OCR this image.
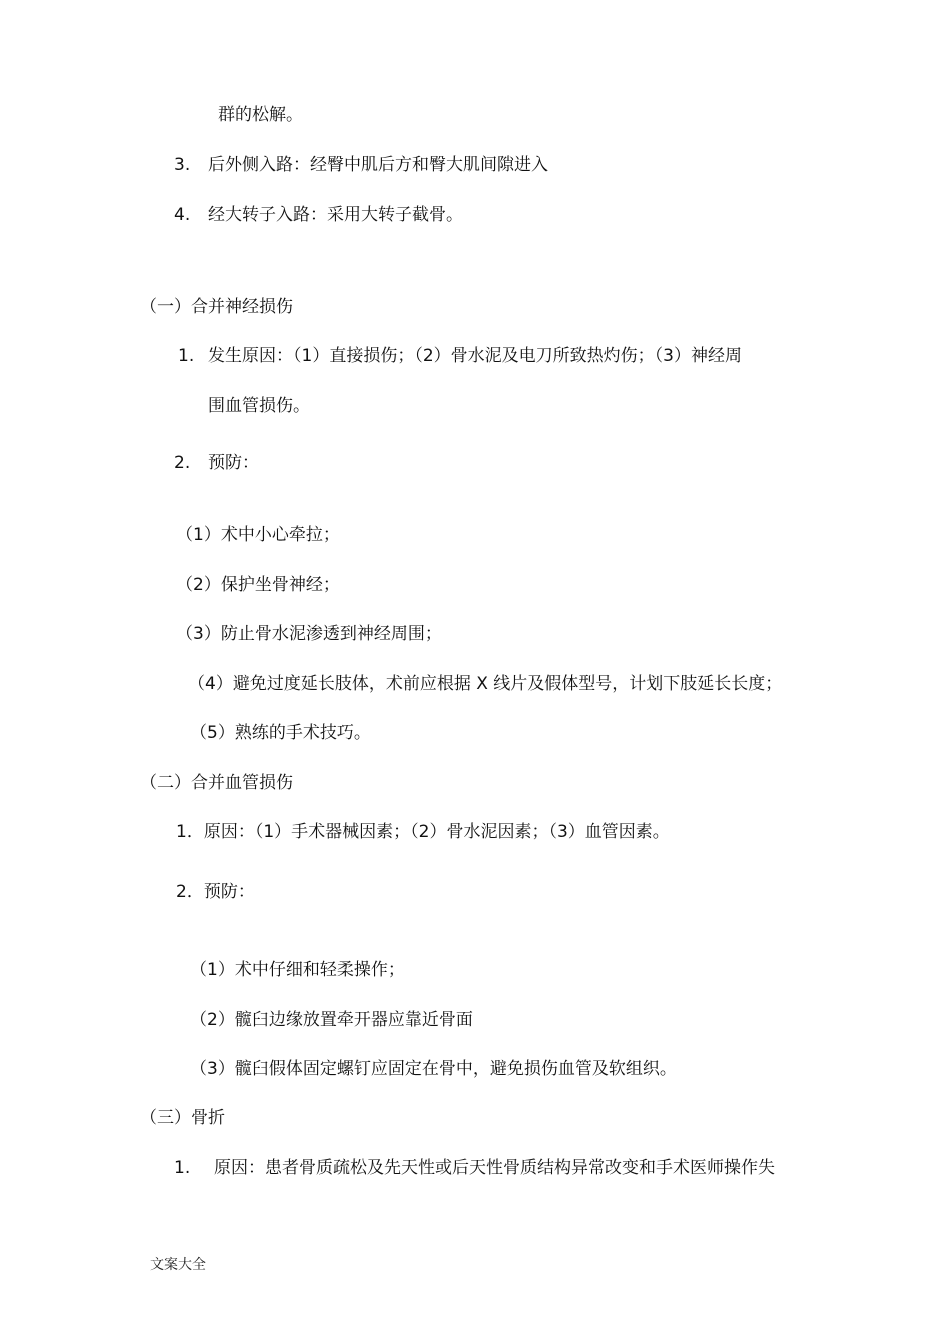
群的松解。
3. 后外侧入路：经臀中肌后方和臀大肌间隙进入
4. 经大转子入路：采用大转子截骨。
（一）合并神经损伤
1. 发生原因：（1）直接损伤；（2）骨水泥及电刀所致热灼伤；（3）神经周
围血管损伤。
2. 预防：
（1）术中小心牵拉；
（2）保护坐骨神经；
（3）防止骨水泥渗透到神经周围；
（4）避免过度延长肢体，术前应根据 X 线片及假体型号，计划下肢延长长度；
（5）熟练的手术技巧。
（二）合并血管损伤
1．原因：（1）手术器械因素；（2）骨水泥因素；（3）血管因素。
2．预防：
（1）术中仔细和轻柔操作；
（2）髋臼边缘放置牵开器应靠近骨面
（3）髋臼假体固定螺钉应固定在骨中，避免损伤血管及软组织。
（三）骨折
1. 原因：患者骨质疏松及先天性或后天性骨质结构异常改变和手术医师操作失
文案大全
